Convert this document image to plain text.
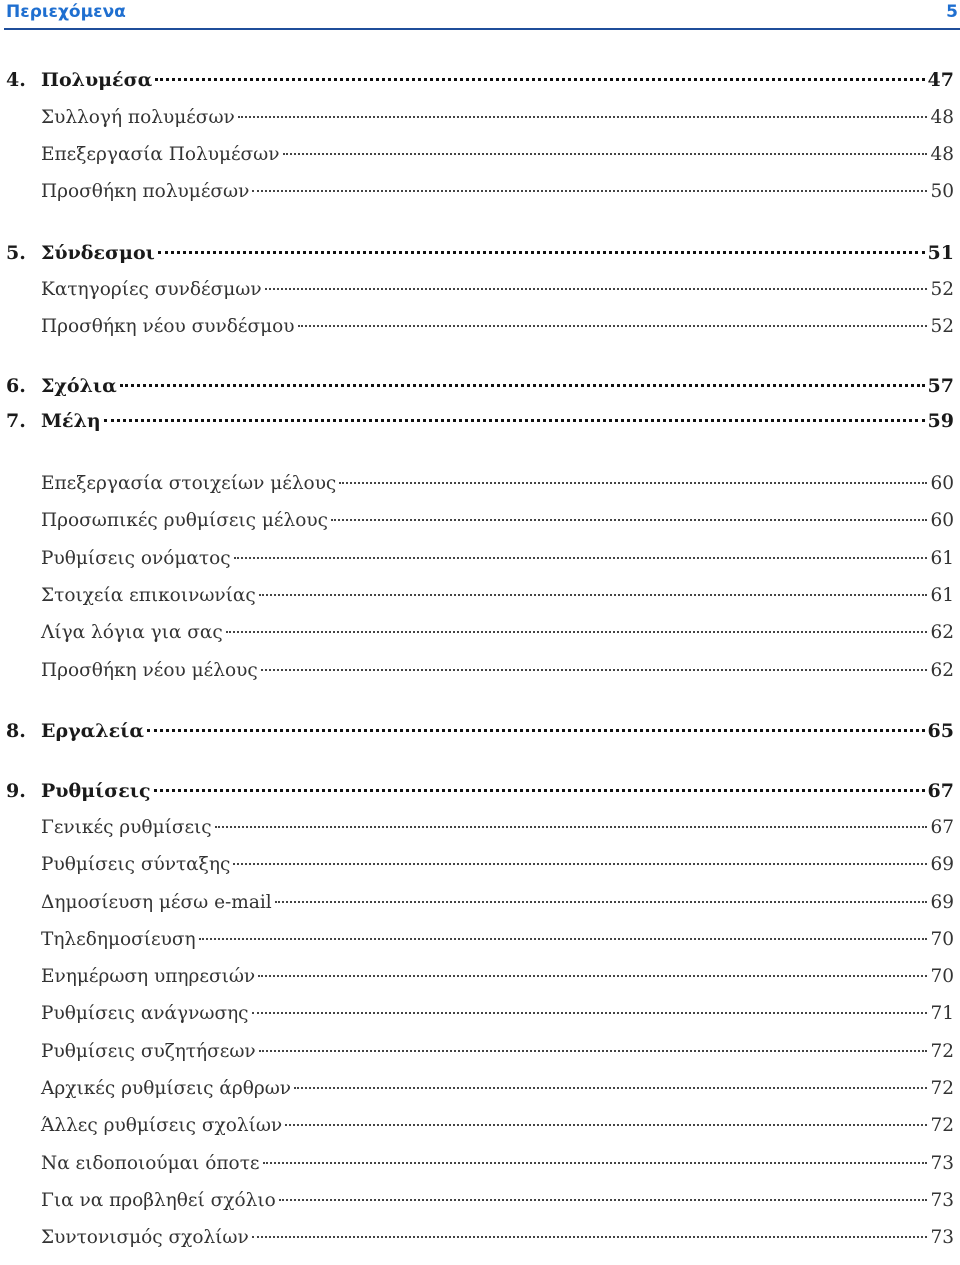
Περιεχόμενα	5
4. Πολυμέσα	47
Συλλογή πολυμέσων	48
Επεξεργασία Πολυμέσων	48
Προσθήκη πολυμέσων	50
5. Σύνδεσμοι	51
Κατηγορίες συνδέσμων	52
Προσθήκη νέου συνδέσμου	52
6. Σχόλια	57
7. Μέλη	59
Επεξεργασία στοιχείων μέλους	60
Προσωπικές ρυθμίσεις μέλους	60
Ρυθμίσεις ονόματος	61
Στοιχεία επικοινωνίας	61
Λίγα λόγια για σας	62
Προσθήκη νέου μέλους	62
8. Εργαλεία	65
9. Ρυθμίσεις	67
Γενικές ρυθμίσεις	67
Ρυθμίσεις σύνταξης	69
Δημοσίευση μέσω e-mail	69
Τηλεδημοσίευση	70
Ενημέρωση υπηρεσιών	70
Ρυθμίσεις ανάγνωσης	71
Ρυθμίσεις συζητήσεων	72
Αρχικές ρυθμίσεις άρθρων	72
Άλλες ρυθμίσεις σχολίων	72
Να ειδοποιούμαι όποτε	73
Για να προβληθεί σχόλιο	73
Συντονισμός σχολίων	73
